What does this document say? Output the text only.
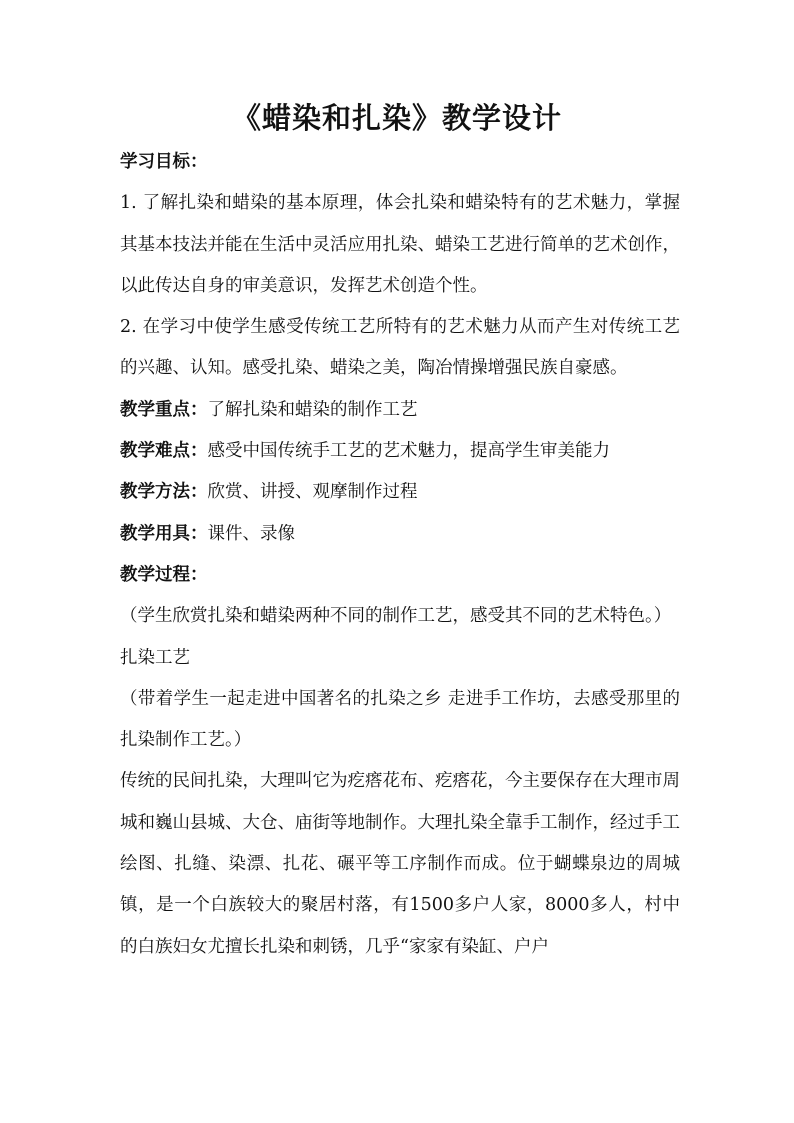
《蜡染和扎染》教学设计

学习目标：

1. 了解扎染和蜡染的基本原理，体会扎染和蜡染特有的艺术魅力，掌握其基本技法并能在生活中灵活应用扎染、蜡染工艺进行简单的艺术创作，以此传达自身的审美意识，发挥艺术创造个性。

2. 在学习中使学生感受传统工艺所特有的艺术魅力从而产生对传统工艺的兴趣、认知。感受扎染、蜡染之美，陶冶情操增强民族自豪感。

教学重点：了解扎染和蜡染的制作工艺

教学难点：感受中国传统手工艺的艺术魅力，提高学生审美能力

教学方法：欣赏、讲授、观摩制作过程

教学用具：课件、录像

教学过程：

（学生欣赏扎染和蜡染两种不同的制作工艺，感受其不同的艺术特色。）

扎染工艺

（带着学生一起走进中国著名的扎染之乡 走进手工作坊，去感受那里的扎染制作工艺。）

传统的民间扎染，大理叫它为疙瘩花布、疙瘩花，今主要保存在大理市周城和巍山县城、大仓、庙街等地制作。大理扎染全靠手工制作，经过手工绘图、扎缝、染漂、扎花、碾平等工序制作而成。位于蝴蝶泉边的周城镇，是一个白族较大的聚居村落，有1500多户人家，8000多人，村中的白族妇女尤擅长扎染和刺锈，几乎“家家有染缸、户户
